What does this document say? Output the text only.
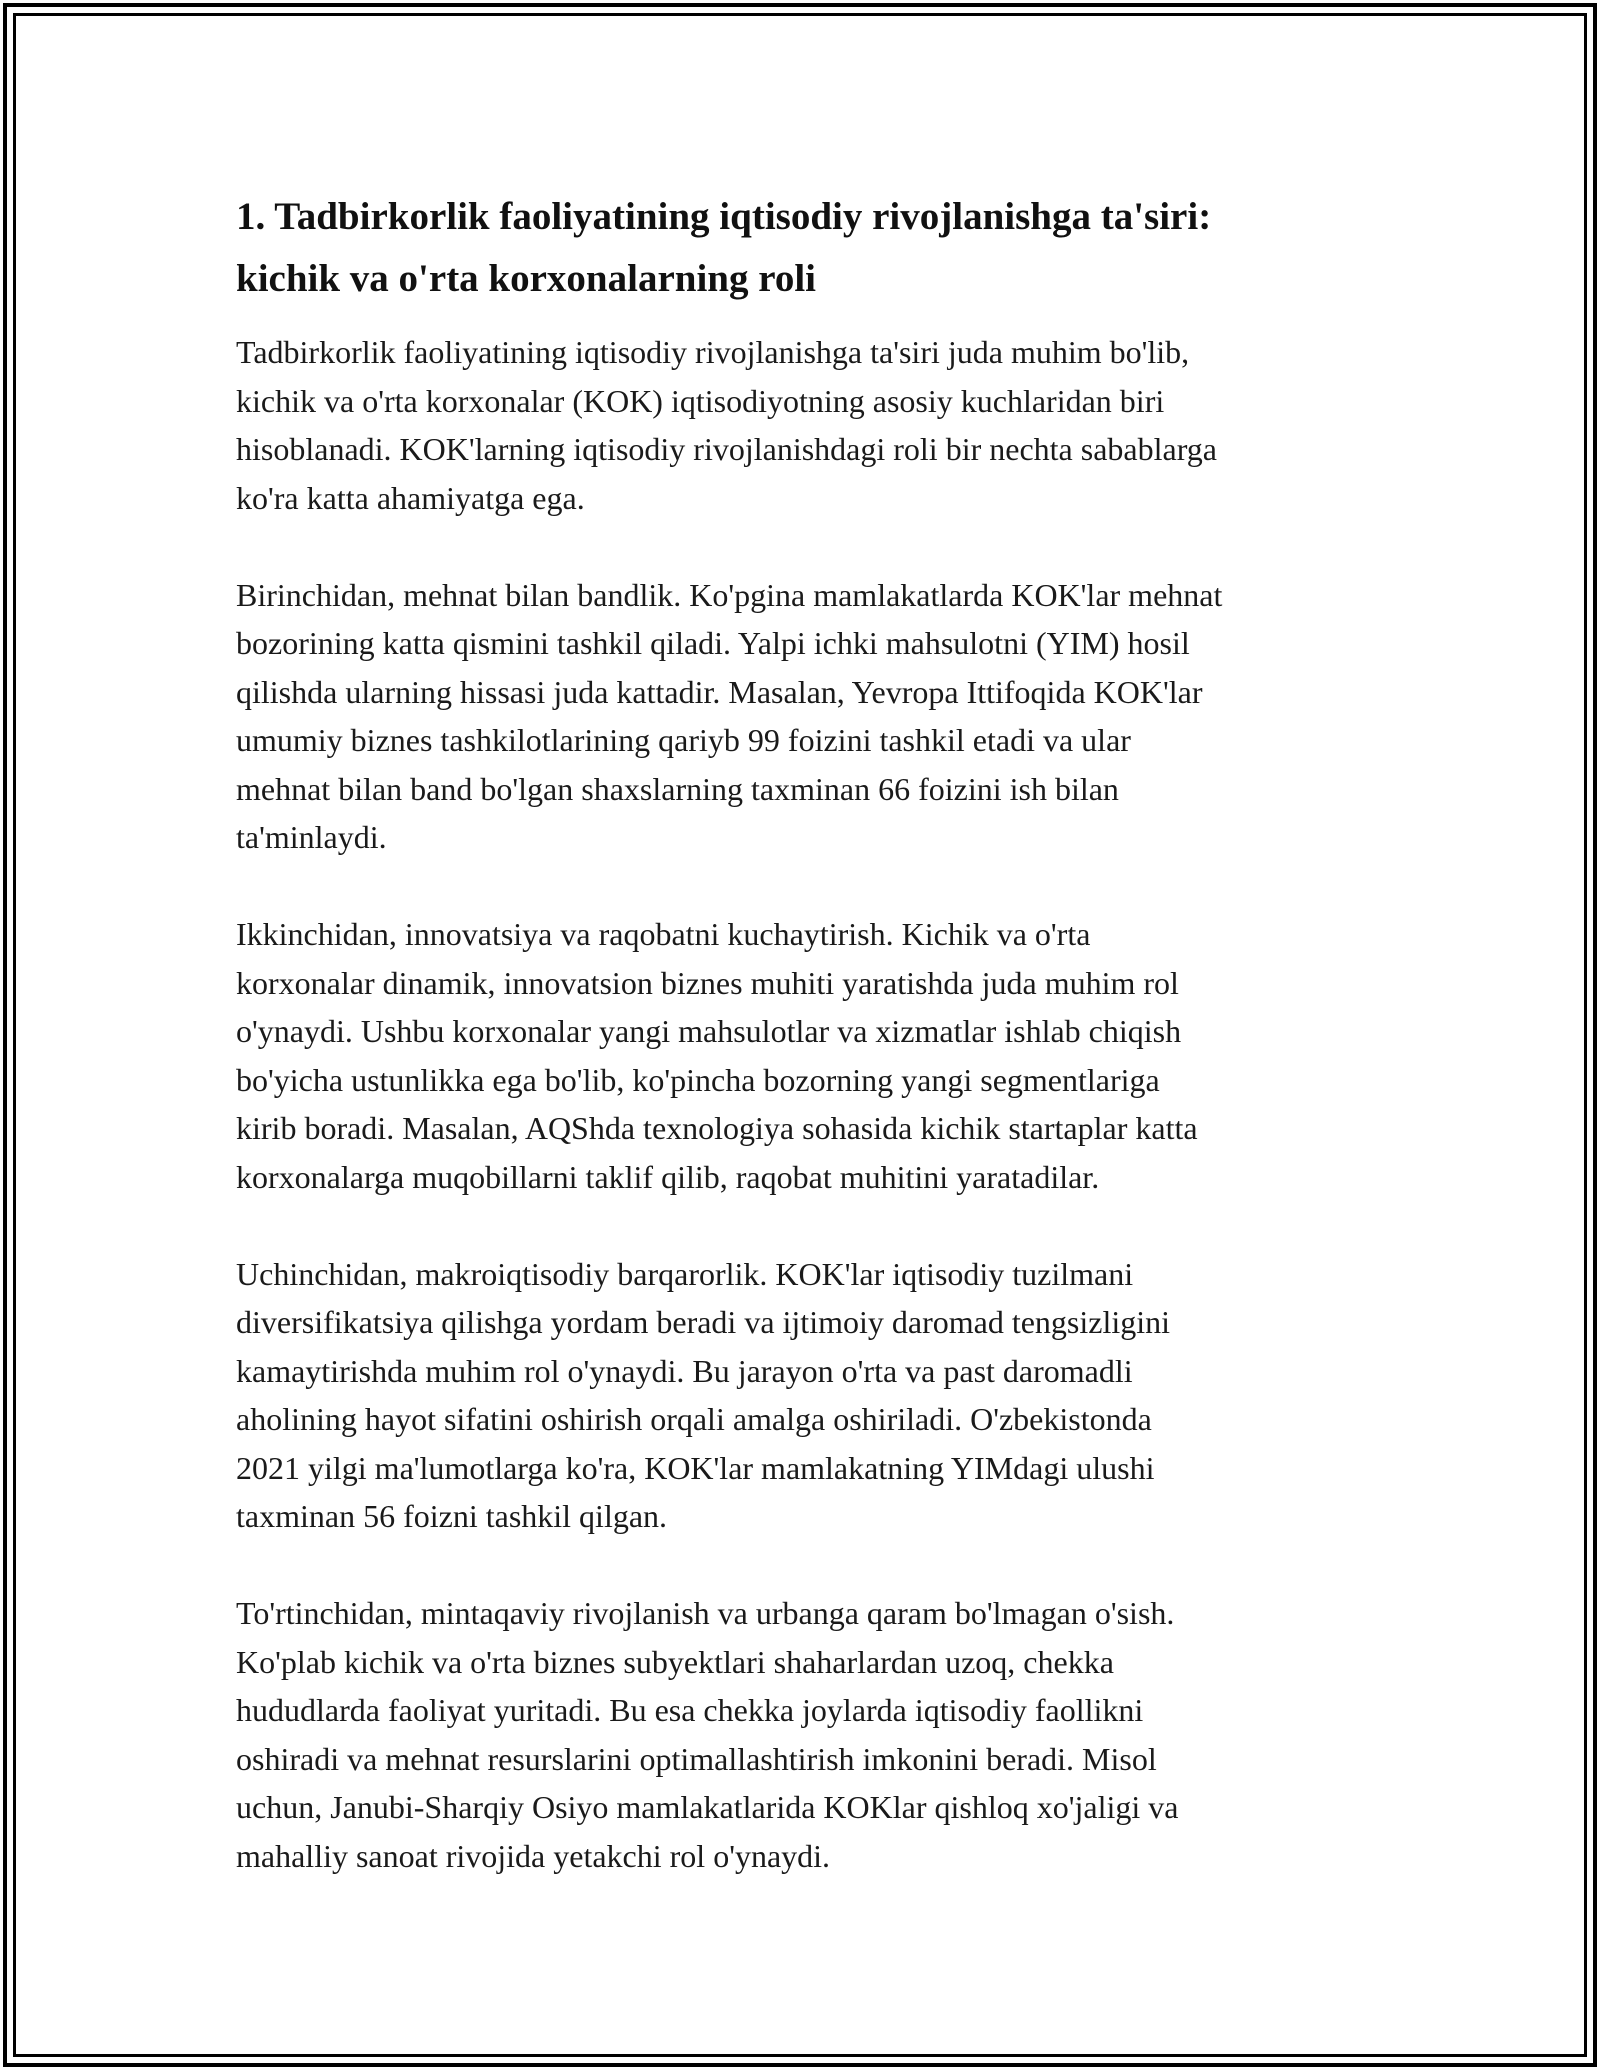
1. Tadbirkorlik faoliyatining iqtisodiy rivojlanishga ta'siri:
kichik va o'rta korxonalarning roli
Tadbirkorlik faoliyatining iqtisodiy rivojlanishga ta'siri juda muhim bo'lib,
kichik va o'rta korxonalar (KOK) iqtisodiyotning asosiy kuchlaridan biri
hisoblanadi. KOK'larning iqtisodiy rivojlanishdagi roli bir nechta sabablarga
ko'ra katta ahamiyatga ega.
Birinchidan, mehnat bilan bandlik. Ko'pgina mamlakatlarda KOK'lar mehnat
bozorining katta qismini tashkil qiladi. Yalpi ichki mahsulotni (YIM) hosil
qilishda ularning hissasi juda kattadir. Masalan, Yevropa Ittifoqida KOK'lar
umumiy biznes tashkilotlarining qariyb 99 foizini tashkil etadi va ular
mehnat bilan band bo'lgan shaxslarning taxminan 66 foizini ish bilan
ta'minlaydi.
Ikkinchidan, innovatsiya va raqobatni kuchaytirish. Kichik va o'rta
korxonalar dinamik, innovatsion biznes muhiti yaratishda juda muhim rol
o'ynaydi. Ushbu korxonalar yangi mahsulotlar va xizmatlar ishlab chiqish
bo'yicha ustunlikka ega bo'lib, ko'pincha bozorning yangi segmentlariga
kirib boradi. Masalan, AQShda texnologiya sohasida kichik startaplar katta
korxonalarga muqobillarni taklif qilib, raqobat muhitini yaratadilar.
Uchinchidan, makroiqtisodiy barqarorlik. KOK'lar iqtisodiy tuzilmani
diversifikatsiya qilishga yordam beradi va ijtimoiy daromad tengsizligini
kamaytirishda muhim rol o'ynaydi. Bu jarayon o'rta va past daromadli
aholining hayot sifatini oshirish orqali amalga oshiriladi. O'zbekistonda
2021 yilgi ma'lumotlarga ko'ra, KOK'lar mamlakatning YIMdagi ulushi
taxminan 56 foizni tashkil qilgan.
To'rtinchidan, mintaqaviy rivojlanish va urbanga qaram bo'lmagan o'sish.
Ko'plab kichik va o'rta biznes subyektlari shaharlardan uzoq, chekka
hududlarda faoliyat yuritadi. Bu esa chekka joylarda iqtisodiy faollikni
oshiradi va mehnat resurslarini optimallashtirish imkonini beradi. Misol
uchun, Janubi-Sharqiy Osiyo mamlakatlarida KOKlar qishloq xo'jaligi va
mahalliy sanoat rivojida yetakchi rol o'ynaydi.
